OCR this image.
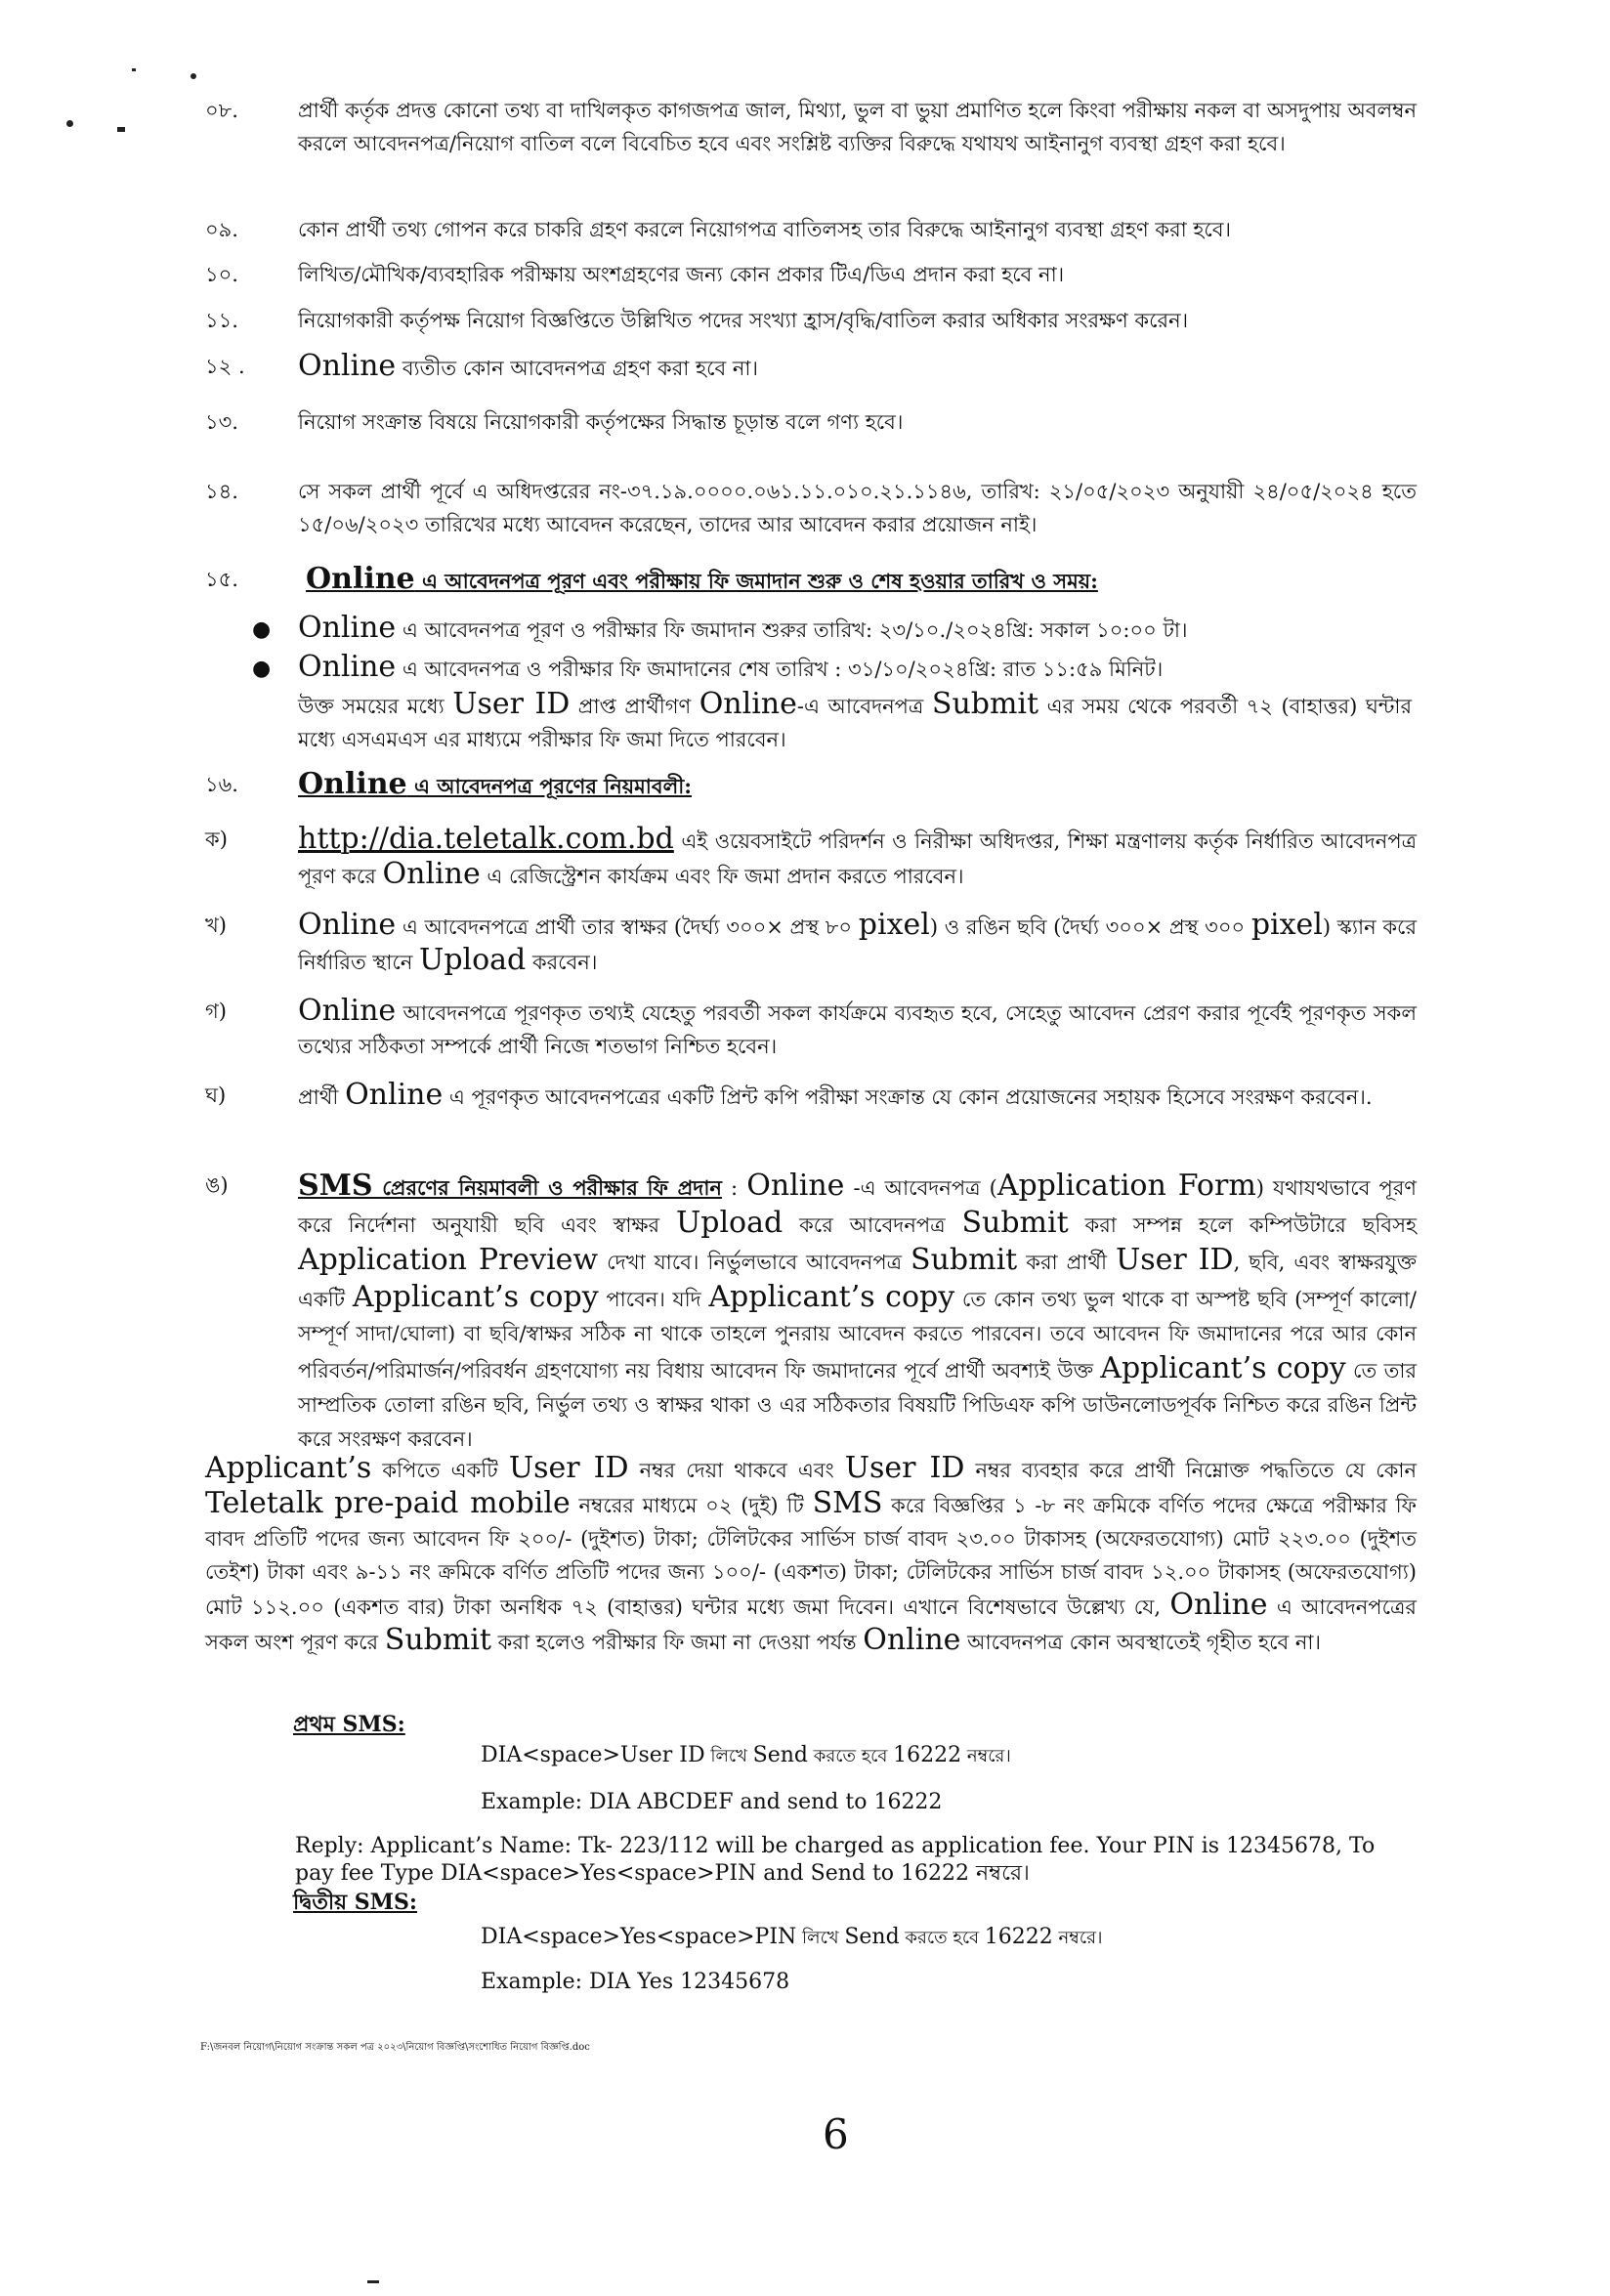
০৮.	প্রার্থী কর্তৃক প্রদত্ত কোনো তথ্য বা দাখিলকৃত কাগজপত্র জাল, মিথ্যা, ভুল বা ভুয়া প্রমাণিত হলে কিংবা পরীক্ষায় নকল বা অসদুপায় অবলম্বন করলে আবেদনপত্র/নিয়োগ বাতিল বলে বিবেচিত হবে এবং সংশ্লিষ্ট ব্যক্তির বিরুদ্ধে যথাযথ আইনানুগ ব্যবস্থা গ্রহণ করা হবে।
০৯.	কোন প্রার্থী তথ্য গোপন করে চাকরি গ্রহণ করলে নিয়োগপত্র বাতিলসহ তার বিরুদ্ধে আইনানুগ ব্যবস্থা গ্রহণ করা হবে।
১০.	লিখিত/মৌখিক/ব্যবহারিক পরীক্ষায় অংশগ্রহণের জন্য কোন প্রকার টিএ/ডিএ প্রদান করা হবে না।
১১.	নিয়োগকারী কর্তৃপক্ষ নিয়োগ বিজ্ঞপ্তিতে উল্লিখিত পদের সংখ্যা হ্রাস/বৃদ্ধি/বাতিল করার অধিকার সংরক্ষণ করেন।
১২ .	Online ব্যতীত কোন আবেদনপত্র গ্রহণ করা হবে না।
১৩.	নিয়োগ সংক্রান্ত বিষয়ে নিয়োগকারী কর্তৃপক্ষের সিদ্ধান্ত চূড়ান্ত বলে গণ্য হবে।
১৪.	সে সকল প্রার্থী পূর্বে এ অধিদপ্তরের নং-৩৭.১৯.০০০০.০৬১.১১.০১০.২১.১১৪৬, তারিখ: ২১/০৫/২০২৩ অনুযায়ী ২৪/০৫/২০২৪ হতে ১৫/০৬/২০২৩ তারিখের মধ্যে আবেদন করেছেন, তাদের আর আবেদন করার প্রয়োজন নাই।
১৫.	Online এ আবেদনপত্র পূরণ এবং পরীক্ষায় ফি জমাদান শুরু ও শেষ হওয়ার তারিখ ও সময়:
● Online এ আবেদনপত্র পূরণ ও পরীক্ষার ফি জমাদান শুরুর তারিখ: ২৩/১০./২০২৪খ্রি: সকাল ১০:০০ টা।
● Online এ আবেদনপত্র ও পরীক্ষার ফি জমাদানের শেষ তারিখ : ৩১/১০/২০২৪খ্রি: রাত ১১:৫৯ মিনিট।
উক্ত সময়ের মধ্যে User ID প্রাপ্ত প্রার্থীগণ Online-এ আবেদনপত্র Submit এর সময় থেকে পরবর্তী ৭২ (বাহাত্তর) ঘন্টার মধ্যে এসএমএস এর মাধ্যমে পরীক্ষার ফি জমা দিতে পারবেন।
১৬.	Online এ আবেদনপত্র পূরণের নিয়মাবলী:
ক)	http://dia.teletalk.com.bd এই ওয়েবসাইটে পরিদর্শন ও নিরীক্ষা অধিদপ্তর, শিক্ষা মন্ত্রণালয় কর্তৃক নির্ধারিত আবেদনপত্র পূরণ করে Online এ রেজিস্ট্রেশন কার্যক্রম এবং ফি জমা প্রদান করতে পারবেন।
খ)	Online এ আবেদনপত্রে প্রার্থী তার স্বাক্ষর (দৈর্ঘ্য ৩০০× প্রস্থ ৮০ pixel) ও রঙিন ছবি (দৈর্ঘ্য ৩০০× প্রস্থ ৩০০ pixel) স্ক্যান করে নির্ধারিত স্থানে Upload করবেন।
গ)	Online আবেদনপত্রে পূরণকৃত তথ্যই যেহেতু পরবর্তী সকল কার্যক্রমে ব্যবহৃত হবে, সেহেতু আবেদন প্রেরণ করার পূর্বেই পূরণকৃত সকল তথ্যের সঠিকতা সম্পর্কে প্রার্থী নিজে শতভাগ নিশ্চিত হবেন।
ঘ)	প্রার্থী Online এ পূরণকৃত আবেদনপত্রের একটি প্রিন্ট কপি পরীক্ষা সংক্রান্ত যে কোন প্রয়োজনের সহায়ক হিসেবে সংরক্ষণ করবেন।.
ঙ)	SMS প্রেরণের নিয়মাবলী ও পরীক্ষার ফি প্রদান : Online -এ আবেদনপত্র (Application Form) যথাযথভাবে পূরণ করে নির্দেশনা অনুযায়ী ছবি এবং স্বাক্ষর Upload করে আবেদনপত্র Submit করা সম্পন্ন হলে কম্পিউটারে ছবিসহ Application Preview দেখা যাবে। নির্ভুলভাবে আবেদনপত্র Submit করা প্রার্থী User ID, ছবি, এবং স্বাক্ষরযুক্ত একটি Applicant’s copy পাবেন। যদি Applicant’s copy তে কোন তথ্য ভুল থাকে বা অস্পষ্ট ছবি (সম্পূর্ণ কালো/সম্পূর্ণ সাদা/ঘোলা) বা ছবি/স্বাক্ষর সঠিক না থাকে তাহলে পুনরায় আবেদন করতে পারবেন। তবে আবেদন ফি জমাদানের পরে আর কোন পরিবর্তন/পরিমার্জন/পরিবর্ধন গ্রহণযোগ্য নয় বিধায় আবেদন ফি জমাদানের পূর্বে প্রার্থী অবশ্যই উক্ত Applicant’s copy তে তার সাম্প্রতিক তোলা রঙিন ছবি, নির্ভুল তথ্য ও স্বাক্ষর থাকা ও এর সঠিকতার বিষয়টি পিডিএফ কপি ডাউনলোডপূর্বক নিশ্চিত করে রঙিন প্রিন্ট করে সংরক্ষণ করবেন।
Applicant’s কপিতে একটি User ID নম্বর দেয়া থাকবে এবং User ID নম্বর ব্যবহার করে প্রার্থী নিম্নোক্ত পদ্ধতিতে যে কোন Teletalk pre-paid mobile নম্বরের মাধ্যমে ০২ (দুই) টি SMS করে বিজ্ঞপ্তির ১ -৮ নং ক্রমিকে বর্ণিত পদের ক্ষেত্রে পরীক্ষার ফি বাবদ প্রতিটি পদের জন্য আবেদন ফি ২০০/- (দুইশত) টাকা; টেলিটকের সার্ভিস চার্জ বাবদ ২৩.০০ টাকাসহ (অফেরতযোগ্য) মোট ২২৩.০০ (দুইশত তেইশ) টাকা এবং ৯-১১ নং ক্রমিকে বর্ণিত প্রতিটি পদের জন্য ১০০/- (একশত) টাকা; টেলিটকের সার্ভিস চার্জ বাবদ ১২.০০ টাকাসহ (অফেরতযোগ্য) মোট ১১২.০০ (একশত বার) টাকা অনধিক ৭২ (বাহাত্তর) ঘন্টার মধ্যে জমা দিবেন। এখানে বিশেষভাবে উল্লেখ্য যে, Online এ আবেদনপত্রের সকল অংশ পূরণ করে Submit করা হলেও পরীক্ষার ফি জমা না দেওয়া পর্যন্ত Online আবেদনপত্র কোন অবস্থাতেই গৃহীত হবে না।
প্রথম SMS:
DIA<space>User ID লিখে Send করতে হবে 16222 নম্বরে।
Example: DIA ABCDEF and send to 16222
Reply: Applicant’s Name: Tk- 223/112 will be charged as application fee. Your PIN is 12345678, To pay fee Type DIA<space>Yes<space>PIN and Send to 16222 নম্বরে।
দ্বিতীয় SMS:
DIA<space>Yes<space>PIN লিখে Send করতে হবে 16222 নম্বরে।
Example: DIA Yes 12345678
F:\জনবল নিয়োগ\নিয়োগ সংক্রান্ত সকল পত্র ২০২৩\নিয়োগ বিজ্ঞপ্তি\সংশোধিত নিয়োগ বিজ্ঞপ্তি.doc
6
